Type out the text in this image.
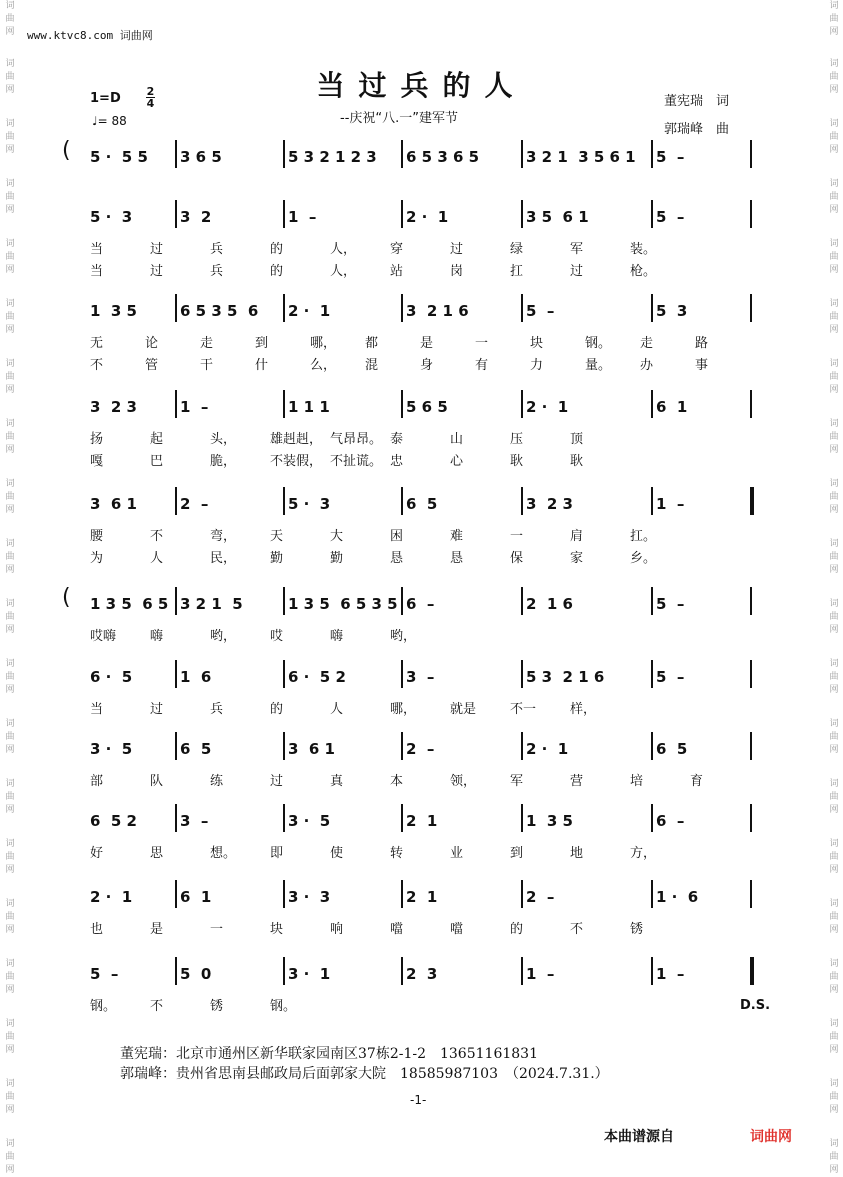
词曲网
词曲网
词曲网
词曲网
词曲网
词曲网
词曲网
词曲网
词曲网
词曲网
词曲网
词曲网
词曲网
词曲网
词曲网
词曲网
词曲网
词曲网
词曲网
词曲网
词曲网
词曲网
词曲网
词曲网
词曲网
词曲网
词曲网
词曲网
词曲网
词曲网
词曲网
词曲网
词曲网
词曲网
词曲网
词曲网
词曲网
词曲网
词曲网
词曲网
www.ktvc8.com 词曲网
当过兵的人
--庆祝“八.一”建军节
董宪瑞　词
郭瑞峰　曲
1=D 2
4
♩= 88
5 ·  5 5 3 6 5	5 3 2 1 2 3 6 5 3 6 5	3 2 1  3 5 6 1 5  –
(
5 ·  3	3  2	1  –	2 ·  1	3 5  6 1	5  –
当	过	兵	的	人，	穿	过	绿	军	装。
当	过	兵	的	人，	站	岗	扛	过	枪。
1  3 5	6 5 3 5  6 2 ·  1	3  2 1 6	5  –	5  3
无	论	走	到	哪， 都	是	一	块	钢。 走	路
不	管	干	什	么， 混	身	有	力	量。 办	事
3  2 3	1  –	1 1 1	5 6 5	2 ·  1	6  1
扬	起	头，	雄赳赳， 气昂昂。 泰	山	压	顶
嘎	巴	脆，	不装假， 不扯谎。 忠	心	耿	耿
3  6 1	2  –	5 ·  3	6  5	3  2 3	1  –
腰	不	弯，	天	大	困	难	一	肩	扛。
为	人	民，	勤	勤	恳	恳	保	家	乡。
1 3 5  6 5 3 2 1  5	1 3 5  6 5 3 5 6  –	2  1 6	5  –
(
哎嗨	嗨	哟，	哎	嗨	哟，
6 ·  5	1  6	6 ·  5 2	3  –	5 3  2 1 6	5  –
当	过	兵	的	人	哪，	就是	不一	样，
3 ·  5	6  5	3  6 1	2  –	2 ·  1	6  5
部	队	练	过	真	本	领，	军	营	培	育
6  5 2	3  –	3 ·  5	2  1	1  3 5	6  –
好	思	想。	即	使	转	业	到	地	方，
2 ·  1	6  1	3 ·  3	2  1	2  –	1 ·  6
也	是	一	块	响	噹	噹	的	不	锈
5  –	5  0	3 ·  1	2  3	1  –	1  –
钢。	不	锈	钢。	D.S.
董宪瑞：北京市通州区新华联家园南区37栋2-1-2　13651161831
郭瑞峰：贵州省思南县邮政局后面郭家大院　18585987103　（2024.7.31.）
-1-
本曲谱源自	词曲网
